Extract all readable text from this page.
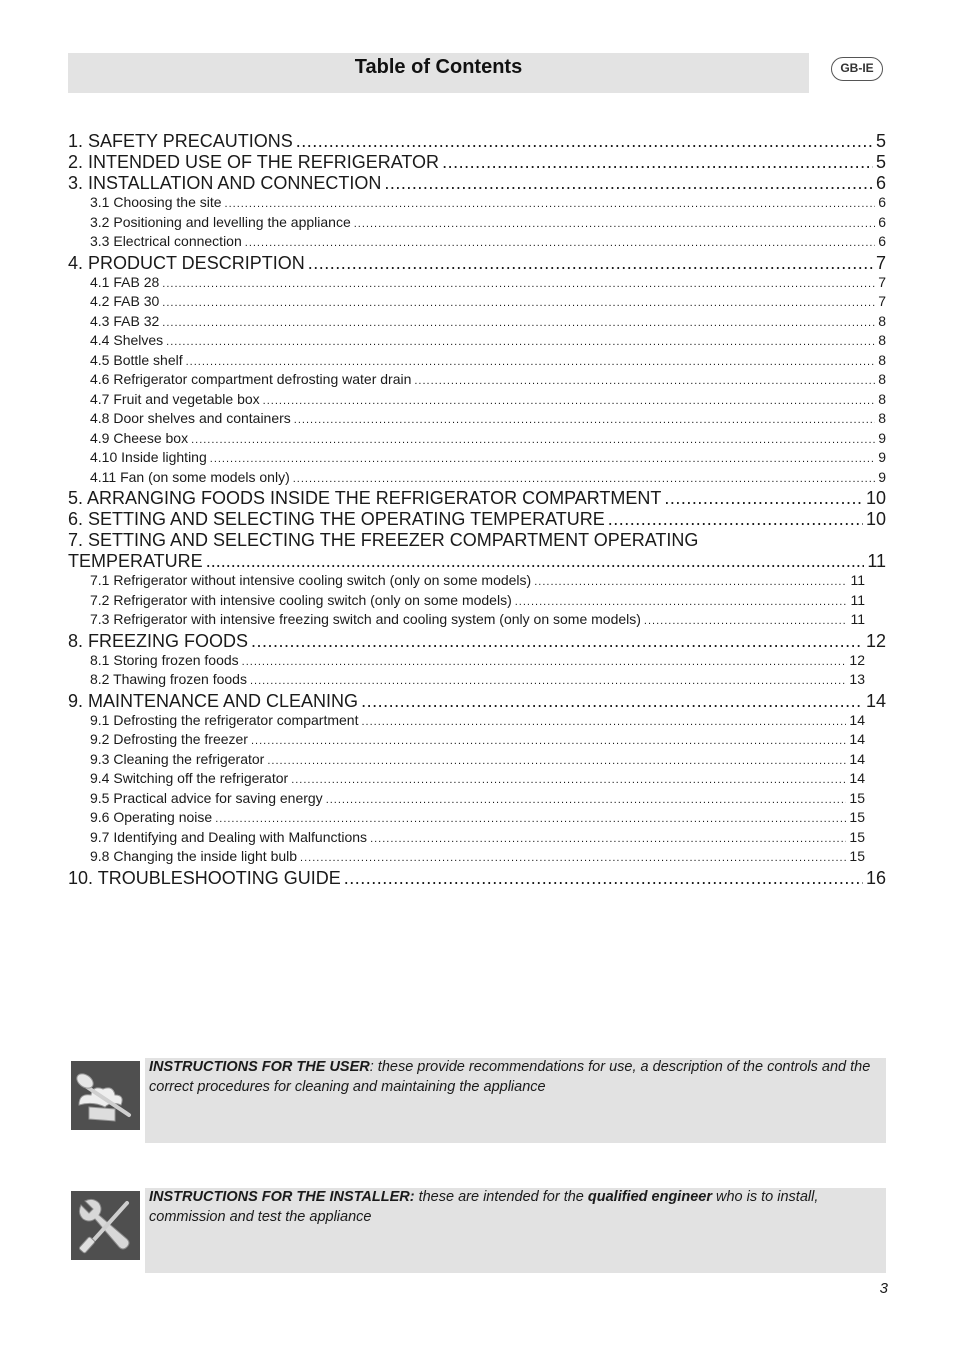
Table of Contents	GB-IE
1. SAFETY PRECAUTIONS .....	5
2. INTENDED USE OF THE REFRIGERATOR .....	5
3. INSTALLATION AND CONNECTION .....	6
3.1 Choosing the site .....	6
3.2 Positioning and levelling the appliance .....	6
3.3 Electrical connection .....	6
4. PRODUCT DESCRIPTION .....	7
4.1 FAB 28 .....	7
4.2 FAB 30 .....	7
4.3 FAB 32 .....	8
4.4 Shelves .....	8
4.5 Bottle shelf .....	8
4.6 Refrigerator compartment defrosting water drain .....	8
4.7 Fruit and vegetable box .....	8
4.8 Door shelves and containers .....	8
4.9 Cheese box .....	9
4.10 Inside lighting .....	9
4.11 Fan (on some models only) .....	9
5. ARRANGING FOODS INSIDE THE REFRIGERATOR COMPARTMENT .....	10
6. SETTING AND SELECTING THE OPERATING TEMPERATURE .....	10
7. SETTING AND SELECTING THE FREEZER COMPARTMENT OPERATING
TEMPERATURE .....	11
7.1 Refrigerator without intensive cooling switch (only on some models) .....	11
7.2 Refrigerator with intensive cooling switch (only on some models) .....	11
7.3 Refrigerator with intensive freezing switch and cooling system (only on some models) .....	11
8. FREEZING FOODS .....	12
8.1 Storing frozen foods .....	12
8.2 Thawing frozen foods .....	13
9. MAINTENANCE AND CLEANING .....	14
9.1 Defrosting the refrigerator compartment .....	14
9.2 Defrosting the freezer .....	14
9.3 Cleaning the refrigerator .....	14
9.4 Switching off the refrigerator .....	14
9.5 Practical advice for saving energy .....	15
9.6 Operating noise .....	15
9.7 Identifying and Dealing with Malfunctions .....	15
9.8 Changing the inside light bulb .....	15
10. TROUBLESHOOTING GUIDE .....	16
INSTRUCTIONS FOR THE USER: these provide recommendations for use, a description of the controls and the correct procedures for cleaning and maintaining the appliance
INSTRUCTIONS FOR THE INSTALLER: these are intended for the qualified engineer who is to install, commission and test the appliance
3
